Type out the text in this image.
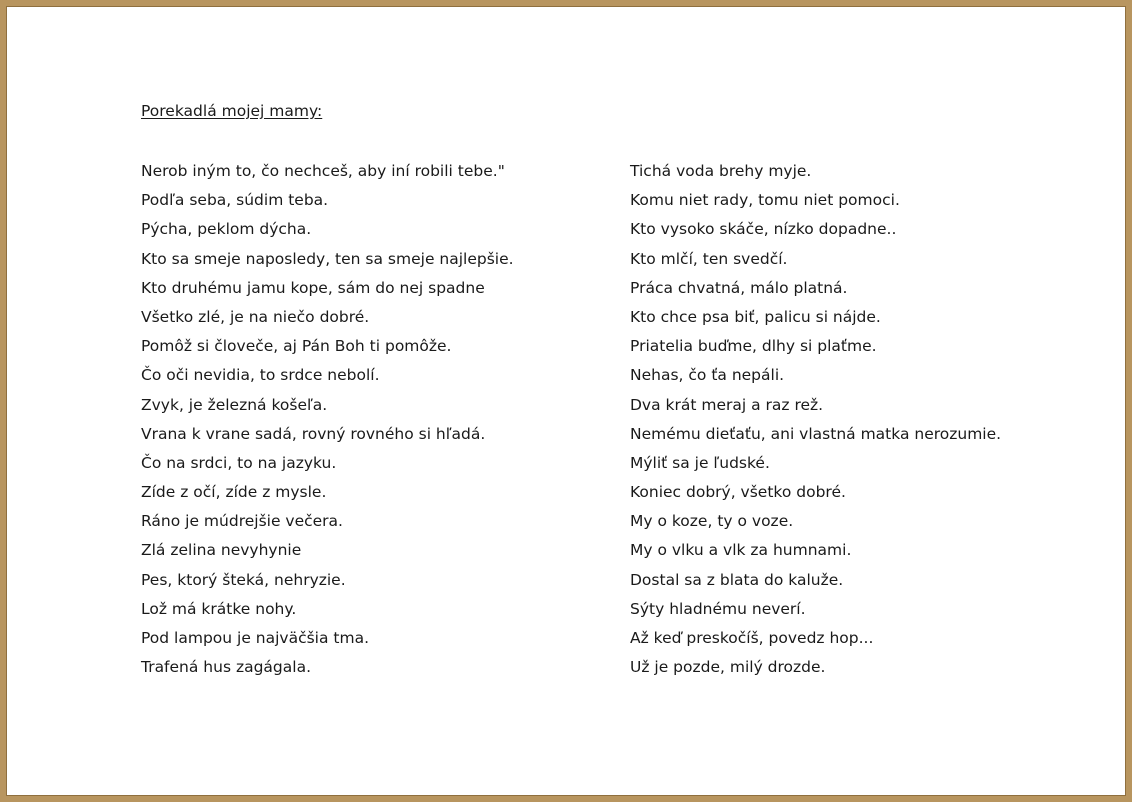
Porekadlá mojej mamy:
Nerob iným to, čo nechceš, aby iní robili tebe."
Podľa seba, súdim teba.
Pýcha, peklom dýcha.
Kto sa smeje naposledy, ten sa smeje najlepšie.
Kto druhému jamu kope, sám do nej spadne
Všetko zlé, je na niečo dobré.
Pomôž si človeče, aj Pán Boh ti pomôže.
Čo oči nevidia, to srdce nebolí.
Zvyk, je železná košeľa.
Vrana k vrane sadá, rovný rovného si hľadá.
Čo na srdci, to na jazyku.
Zíde z očí, zíde z mysle.
Ráno je múdrejšie večera.
Zlá zelina nevyhynie
Pes, ktorý šteká, nehryzie.
Lož má krátke nohy.
Pod lampou je najväčšia tma.
Trafená hus zagágala.
Tichá voda brehy myje.
Komu niet rady, tomu niet pomoci.
Kto vysoko skáče, nízko dopadne..
Kto mlčí, ten svedčí.
Práca chvatná, málo platná.
Kto chce psa biť, palicu si nájde.
Priatelia buďme, dlhy si plaťme.
Nehas, čo ťa nepáli.
Dva krát meraj a raz rež.
Nemému dieťaťu, ani vlastná matka nerozumie.
Mýliť sa je ľudské.
Koniec dobrý, všetko dobré.
My o koze, ty o voze.
My o vlku a vlk za humnami.
Dostal sa z blata do kaluže.
Sýty hladnému neverí.
Až keď preskočíš, povedz hop...
Už je pozde, milý drozde.
